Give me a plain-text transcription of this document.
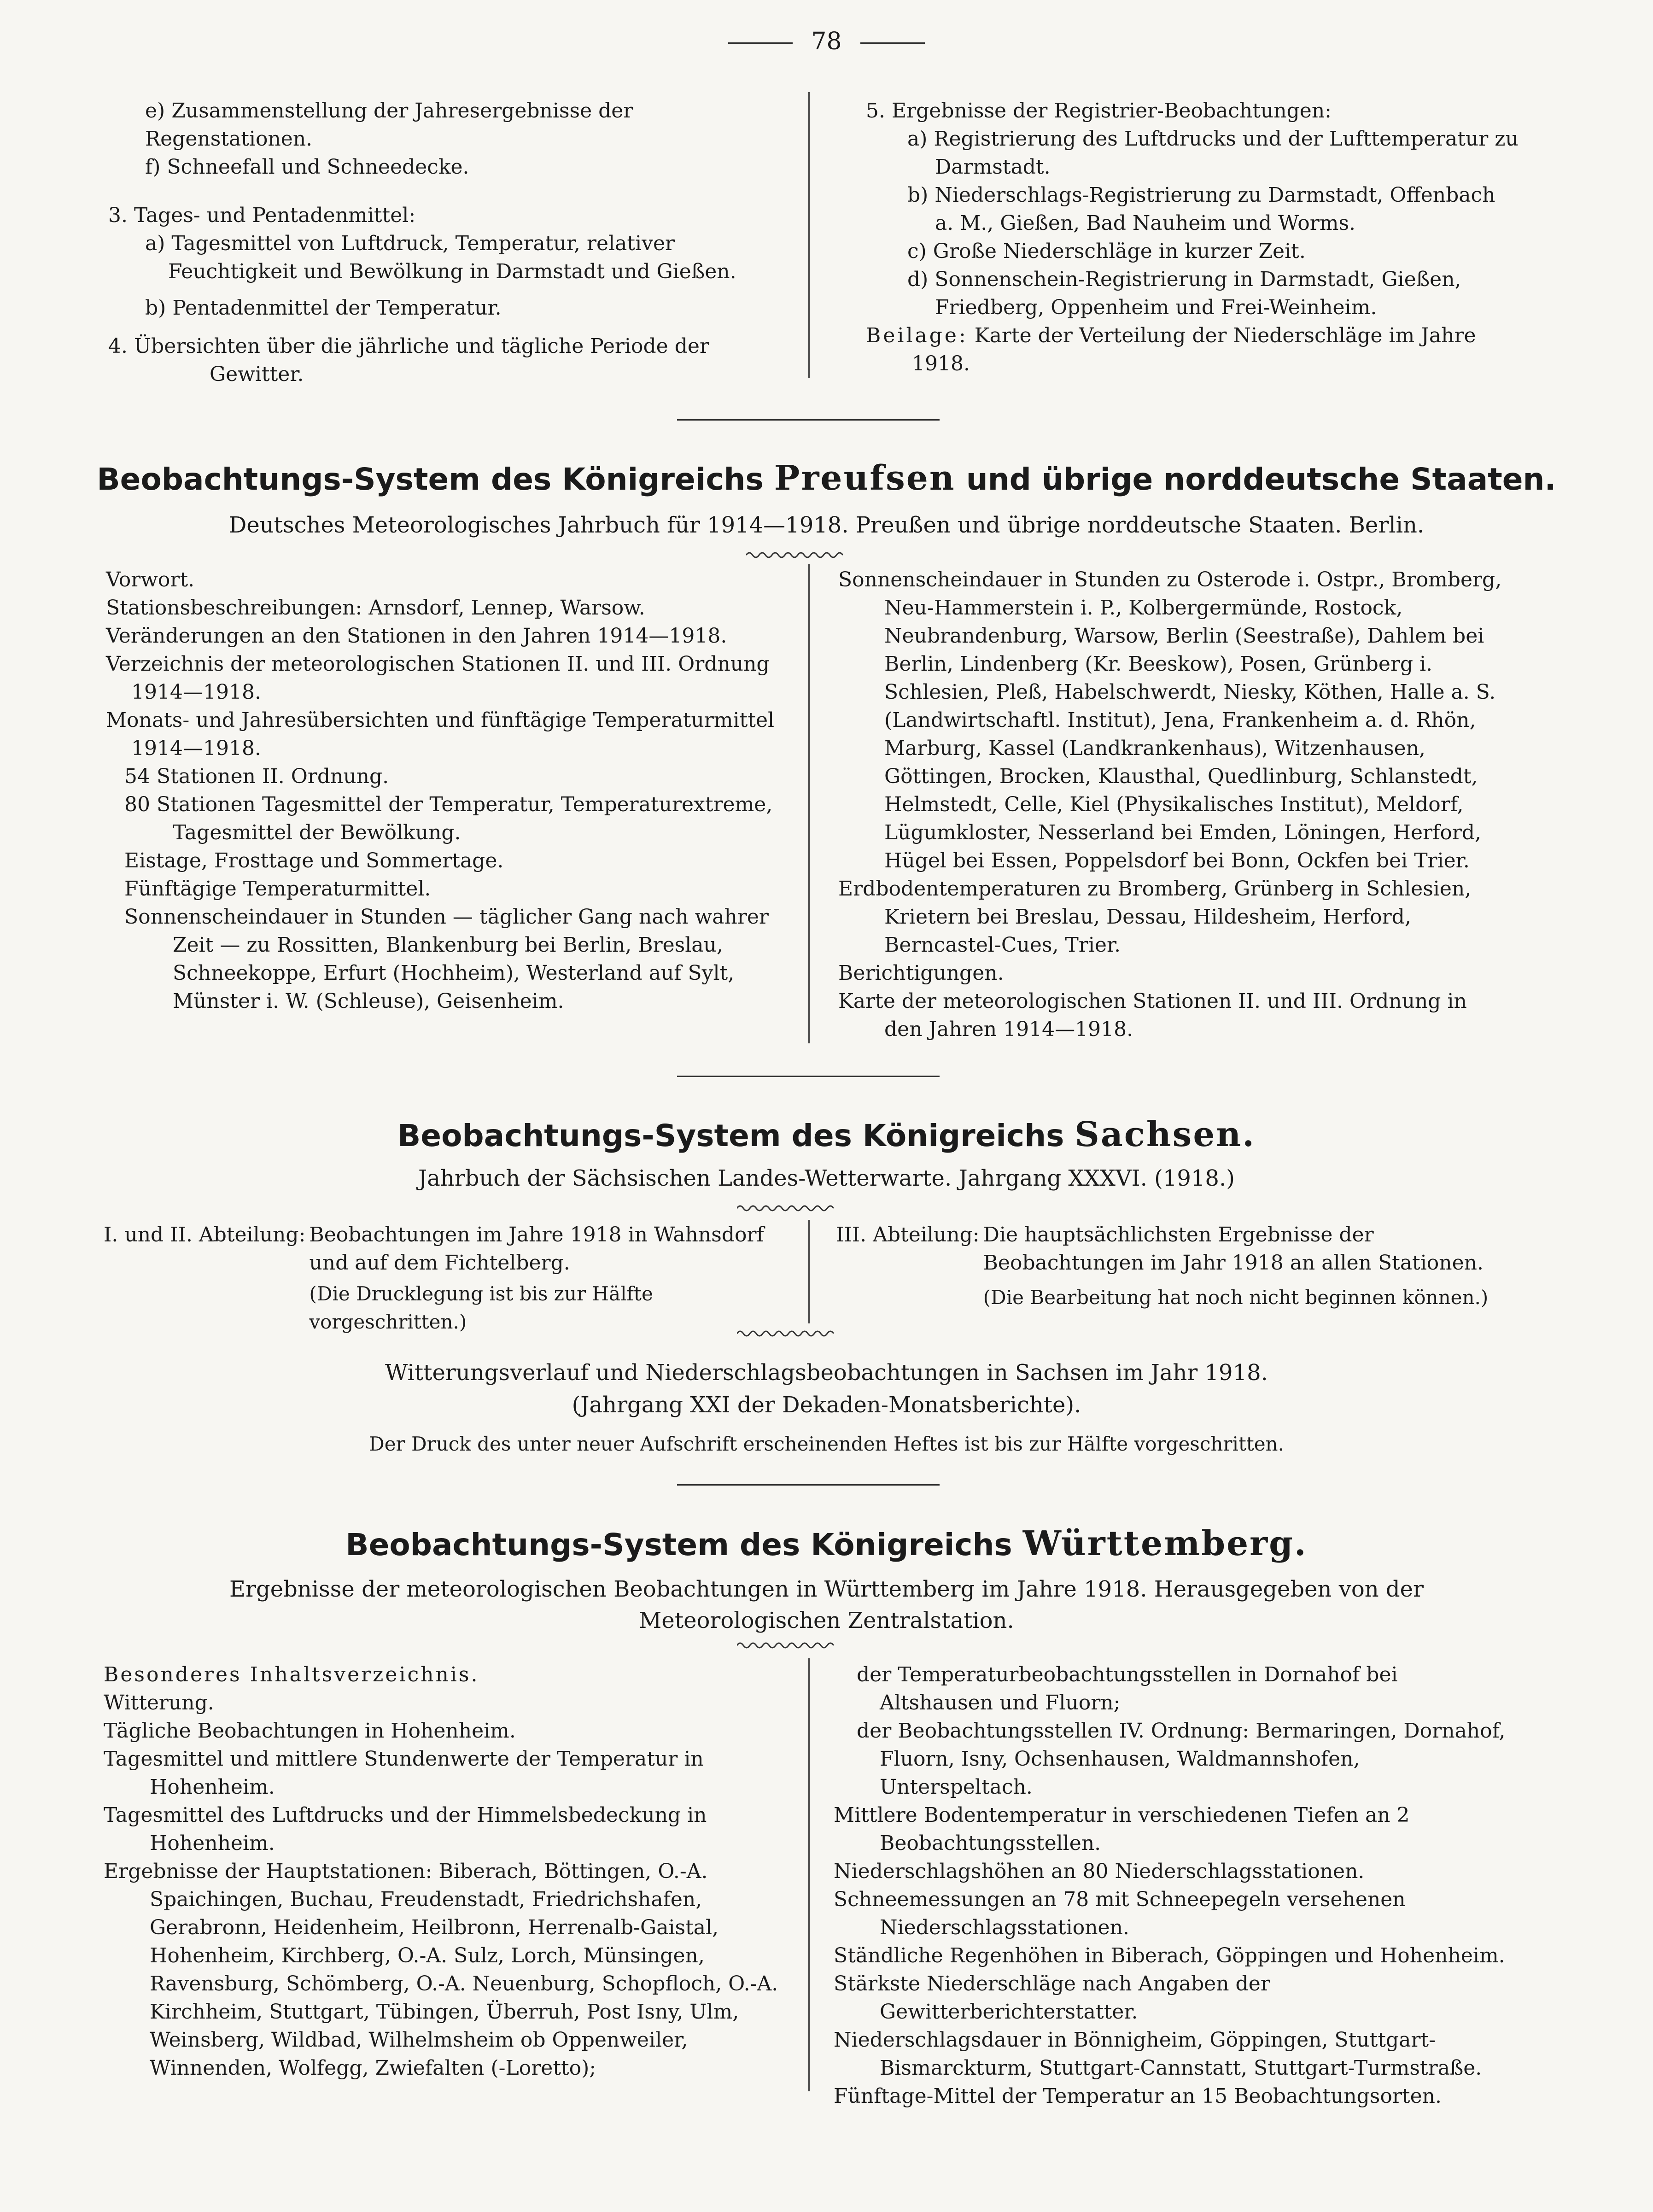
78

e) Zusammenstellung der Jahresergebnisse der Regenstationen.

f) Schneefall und Schneedecke.

3. Tages- und Pentadenmittel:

a) Tagesmittel von Luftdruck, Temperatur, relativer Feuchtigkeit und Bewölkung in Darmstadt und Gießen.

b) Pentadenmittel der Temperatur.

4. Übersichten über die jährliche und tägliche Periode der Gewitter.

5. Ergebnisse der Registrier-Beobachtungen:

a) Registrierung des Luftdrucks und der Lufttemperatur zu Darmstadt.

b) Niederschlags-Registrierung zu Darmstadt, Offenbach a. M., Gießen, Bad Nauheim und Worms.

c) Große Niederschläge in kurzer Zeit.

d) Sonnenschein-Registrierung in Darmstadt, Gießen, Friedberg, Oppenheim und Frei-Weinheim.

Beilage: Karte der Verteilung der Niederschläge im Jahre 1918.

Beobachtungs-System des Königreichs Preufsen und übrige norddeutsche Staaten.
Deutsches Meteorologisches Jahrbuch für 1914—1918. Preußen und übrige norddeutsche Staaten. Berlin.

Vorwort.

Stationsbeschreibungen: Arnsdorf, Lennep, Warsow.

Veränderungen an den Stationen in den Jahren 1914—1918.

Verzeichnis der meteorologischen Stationen II. und III. Ordnung 1914—1918.

Monats- und Jahresübersichten und fünftägige Temperaturmittel 1914—1918.

54 Stationen II. Ordnung.

80 Stationen Tagesmittel der Temperatur, Temperaturextreme, Tagesmittel der Bewölkung.

Eistage, Frosttage und Sommertage.

Fünftägige Temperaturmittel.

Sonnenscheindauer in Stunden — täglicher Gang nach wahrer Zeit — zu Rossitten, Blankenburg bei Berlin, Breslau, Schneekoppe, Erfurt (Hochheim), Westerland auf Sylt, Münster i. W. (Schleuse), Geisenheim.

Sonnenscheindauer in Stunden zu Osterode i. Ostpr., Bromberg, Neu-Hammerstein i. P., Kolbergermünde, Rostock, Neubrandenburg, Warsow, Berlin (Seestraße), Dahlem bei Berlin, Lindenberg (Kr. Beeskow), Posen, Grünberg i. Schlesien, Pleß, Habelschwerdt, Niesky, Köthen, Halle a. S. (Landwirtschaftl. Institut), Jena, Frankenheim a. d. Rhön, Marburg, Kassel (Landkrankenhaus), Witzenhausen, Göttingen, Brocken, Klausthal, Quedlinburg, Schlanstedt, Helmstedt, Celle, Kiel (Physikalisches Institut), Meldorf, Lügumkloster, Nesserland bei Emden, Löningen, Herford, Hügel bei Essen, Poppelsdorf bei Bonn, Ockfen bei Trier.

Erdbodentemperaturen zu Bromberg, Grünberg in Schlesien, Krietern bei Breslau, Dessau, Hildesheim, Herford, Berncastel-Cues, Trier.

Berichtigungen.

Karte der meteorologischen Stationen II. und III. Ordnung in den Jahren 1914—1918.

Beobachtungs-System des Königreichs Sachsen.
Jahrbuch der Sächsischen Landes-Wetterwarte. Jahrgang XXXVI. (1918.)
I. und II. Abteilung: Beobachtungen im Jahre 1918 in Wahnsdorf und auf dem Fichtelberg.

(Die Drucklegung ist bis zur Hälfte vorgeschritten.)

III. Abteilung: Die hauptsächlichsten Ergebnisse der Beobachtungen im Jahr 1918 an allen Stationen.

(Die Bearbeitung hat noch nicht beginnen können.)

Witterungsverlauf und Niederschlagsbeobachtungen in Sachsen im Jahr 1918.
(Jahrgang XXI der Dekaden-Monatsberichte).
Der Druck des unter neuer Aufschrift erscheinenden Heftes ist bis zur Hälfte vorgeschritten.
Beobachtungs-System des Königreichs Württemberg.
Ergebnisse der meteorologischen Beobachtungen in Württemberg im Jahre 1918. Herausgegeben von der
Meteorologischen Zentralstation.

Besonderes Inhaltsverzeichnis.

Witterung.

Tägliche Beobachtungen in Hohenheim.

Tagesmittel und mittlere Stundenwerte der Temperatur in Hohenheim.

Tagesmittel des Luftdrucks und der Himmelsbedeckung in Hohenheim.

Ergebnisse der Hauptstationen: Biberach, Böttingen, O.-A. Spaichingen, Buchau, Freudenstadt, Friedrichshafen, Gerabronn, Heidenheim, Heilbronn, Herrenalb-Gaistal, Hohenheim, Kirchberg, O.-A. Sulz, Lorch, Münsingen, Ravensburg, Schömberg, O.-A. Neuenburg, Schopfloch, O.-A. Kirchheim, Stuttgart, Tübingen, Überruh, Post Isny, Ulm, Weinsberg, Wildbad, Wilhelmsheim ob Oppenweiler, Winnenden, Wolfegg, Zwiefalten (-Loretto);

der Temperaturbeobachtungsstellen in Dornahof bei Altshausen und Fluorn;

der Beobachtungsstellen IV. Ordnung: Bermaringen, Dornahof, Fluorn, Isny, Ochsenhausen, Waldmannshofen, Unterspeltach.

Mittlere Bodentemperatur in verschiedenen Tiefen an 2 Beobachtungsstellen.

Niederschlagshöhen an 80 Niederschlagsstationen.

Schneemessungen an 78 mit Schneepegeln versehenen Niederschlagsstationen.

Ständliche Regenhöhen in Biberach, Göppingen und Hohenheim.

Stärkste Niederschläge nach Angaben der Gewitterberichterstatter.

Niederschlagsdauer in Bönnigheim, Göppingen, Stuttgart-Bismarckturm, Stuttgart-Cannstatt, Stuttgart-Turmstraße.

Fünftage-Mittel der Temperatur an 15 Beobachtungsorten.
